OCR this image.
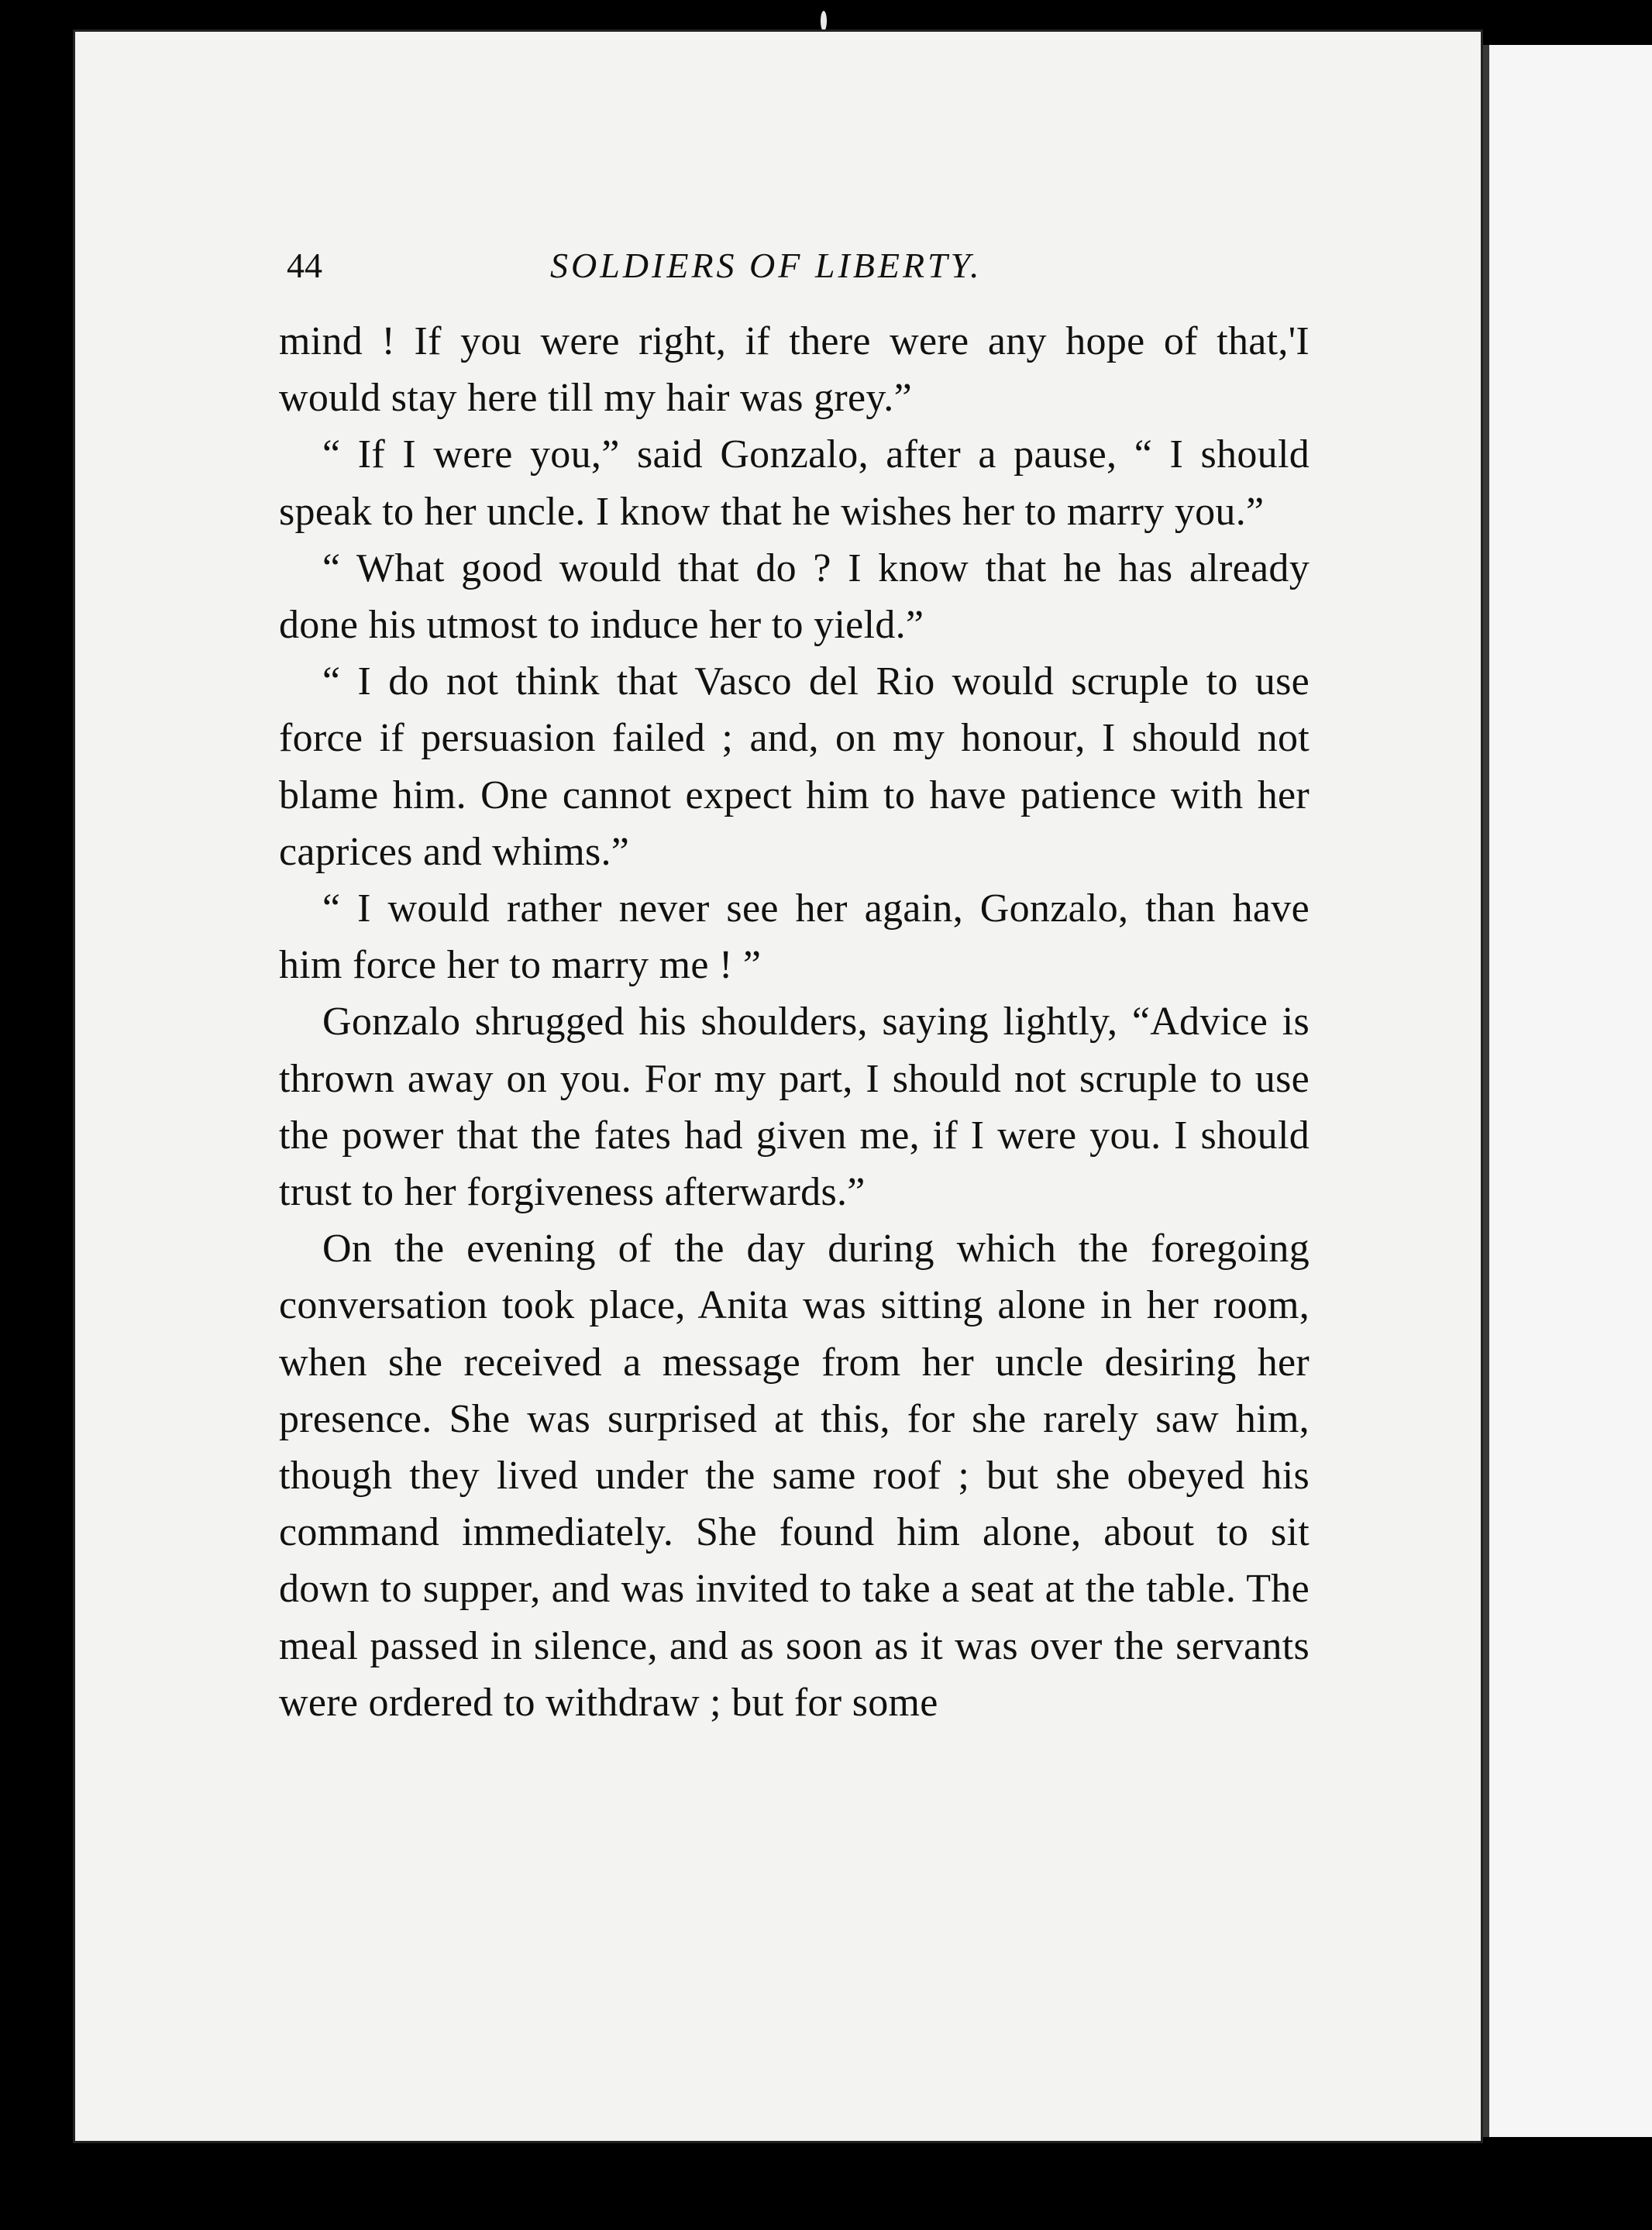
44	SOLDIERS OF LIBERTY.

mind ! If you were right, if there were any hope of that,'I would stay here till my hair was grey.”

“ If I were you,” said Gonzalo, after a pause, “ I should speak to her uncle. I know that he wishes her to marry you.”

“ What good would that do ? I know that he has already done his utmost to induce her to yield.”

“ I do not think that Vasco del Rio would scruple to use force if persuasion failed ; and, on my honour, I should not blame him. One cannot expect him to have patience with her caprices and whims.”

“ I would rather never see her again, Gonzalo, than have him force her to marry me ! ”

Gonzalo shrugged his shoulders, saying lightly, “Advice is thrown away on you. For my part, I should not scruple to use the power that the fates had given me, if I were you. I should trust to her forgiveness afterwards.”

On the evening of the day during which the foregoing conversation took place, Anita was sitting alone in her room, when she received a message from her uncle desiring her presence. She was surprised at this, for she rarely saw him, though they lived under the same roof ; but she obeyed his command immediately. She found him alone, about to sit down to supper, and was invited to take a seat at the table. The meal passed in silence, and as soon as it was over the servants were ordered to withdraw ; but for some
